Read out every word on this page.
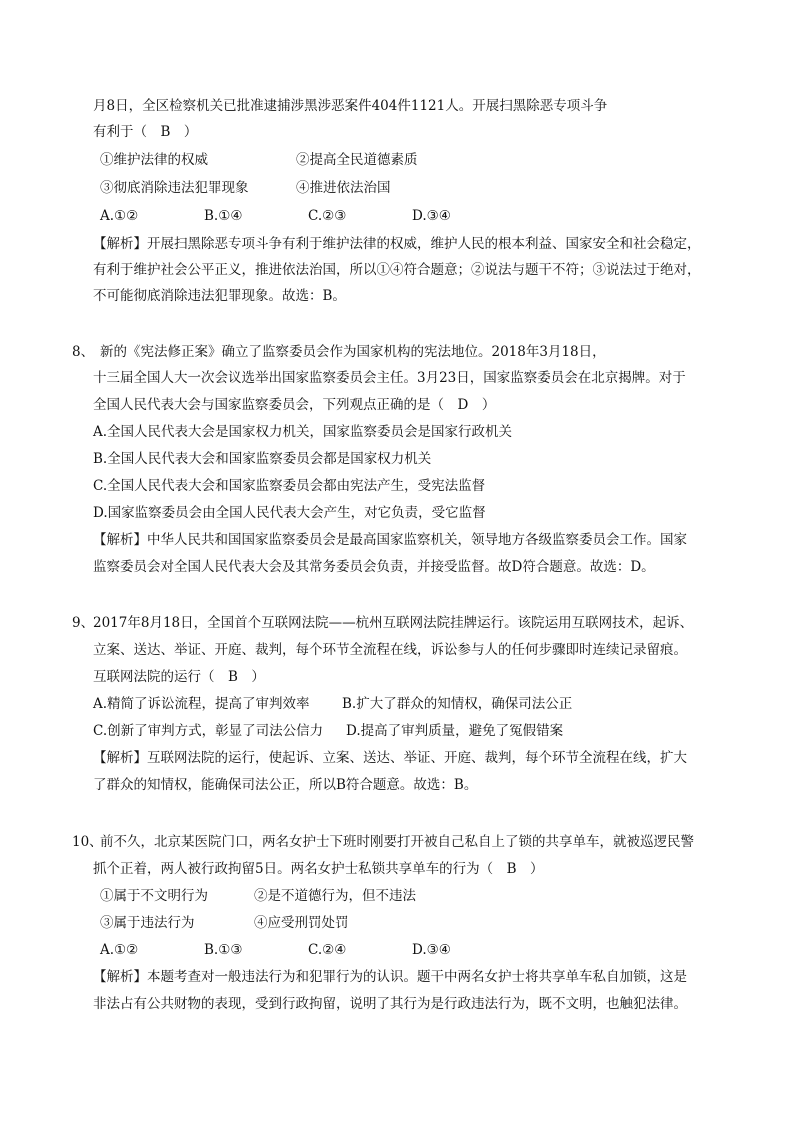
月8日，全区检察机关已批准逮捕涉黑涉恶案件404件1121人。开展扫黑除恶专项斗争
有利于（　B　）
①维护法律的权威	②提高全民道德素质
③彻底消除违法犯罪现象	④推进依法治国
A.①②	B.①④	C.②③	D.③④
【解析】开展扫黑除恶专项斗争有利于维护法律的权威，维护人民的根本利益、国家安全和社会稳定，
有利于维护社会公平正义，推进依法治国，所以①④符合题意；②说法与题干不符；③说法过于绝对，
不可能彻底消除违法犯罪现象。故选：B。
8、 新的《宪法修正案》确立了监察委员会作为国家机构的宪法地位。2018年3月18日，
十三届全国人大一次会议选举出国家监察委员会主任。3月23日，国家监察委员会在北京揭牌。对于
全国人民代表大会与国家监察委员会，下列观点正确的是（　D　）
A.全国人民代表大会是国家权力机关，国家监察委员会是国家行政机关
B.全国人民代表大会和国家监察委员会都是国家权力机关
C.全国人民代表大会和国家监察委员会都由宪法产生，受宪法监督
D.国家监察委员会由全国人民代表大会产生，对它负责，受它监督
【解析】中华人民共和国国家监察委员会是最高国家监察机关，领导地方各级监察委员会工作。国家
监察委员会对全国人民代表大会及其常务委员会负责，并接受监督。故D符合题意。故选：D。
9、
2017年8月18日，全国首个互联网法院——杭州互联网法院挂牌运行。该院运用互联网技术，起诉、
立案、送达、举证、开庭、裁判，每个环节全流程在线，诉讼参与人的任何步骤即时连续记录留痕。
互联网法院的运行（　B　）
A.精简了诉讼流程，提高了审判效率 B.扩大了群众的知情权，确保司法公正
C.创新了审判方式，彰显了司法公信力 D.提高了审判质量，避免了冤假错案
【解析】互联网法院的运行，使起诉、立案、送达、举证、开庭、裁判，每个环节全流程在线，扩大
了群众的知情权，能确保司法公正，所以B符合题意。故选：B。
10、
前不久，北京某医院门口，两名女护士下班时刚要打开被自己私自上了锁的共享单车，就被巡逻民警
抓个正着，两人被行政拘留5日。两名女护士私锁共享单车的行为（　B　）
①属于不文明行为	②是不道德行为，但不违法
③属于违法行为	④应受刑罚处罚
A.①②	B.①③	C.②④	D.③④
【解析】本题考查对一般违法行为和犯罪行为的认识。题干中两名女护士将共享单车私自加锁，这是
非法占有公共财物的表现，受到行政拘留，说明了其行为是行政违法行为，既不文明，也触犯法律。
